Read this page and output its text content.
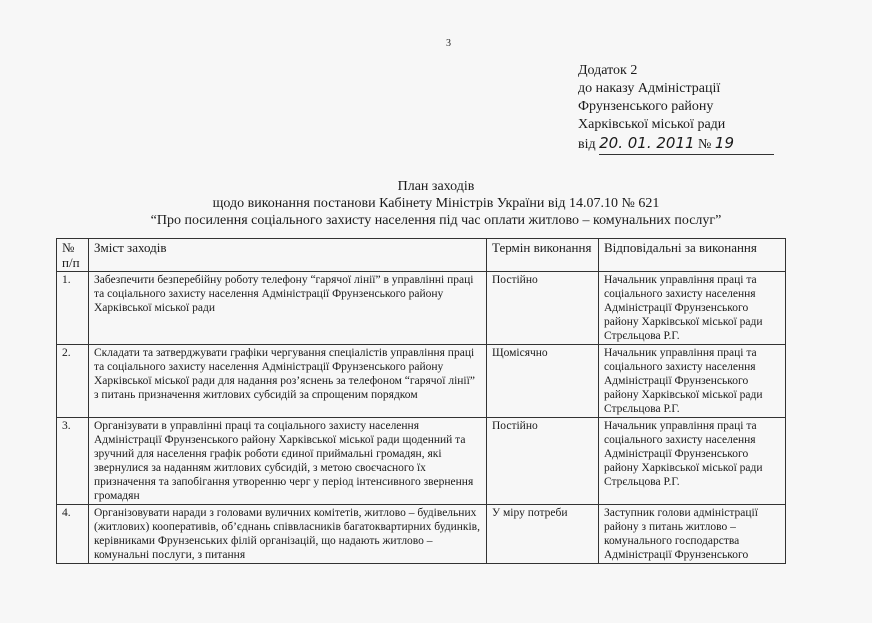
3
Додаток 2
до наказу Адміністрації
Фрунзенського району
Харківської міської ради
від 20. 01. 2011 № 19
План заходів
щодо виконання постанови Кабінету Міністрів України від 14.07.10 № 621
“Про посилення соціального захисту населення під час оплати житлово – комунальних послуг”
№ п/п	Зміст заходів	Термін виконання	Відповідальні за виконання
1.	Забезпечити безперебійну роботу телефону “гарячої лінії” в управлінні праці та соціального захисту населення Адміністрації Фрунзенського району Харківської міської ради	Постійно	Начальник управління праці та соціального захисту населення Адміністрації Фрунзенського району Харківської міської ради Стрєльцова Р.Г.
2.	Складати та затверджувати графіки чергування спеціалістів управління праці та соціального захисту населення Адміністрації Фрунзенського району Харківської міської ради для надання роз’яснень за телефоном “гарячої лінії” з питань призначення житлових субсидій за спрощеним порядком	Щомісячно	Начальник управління праці та соціального захисту населення Адміністрації Фрунзенського району Харківської міської ради Стрєльцова Р.Г.
3.	Організувати в управлінні праці та соціального захисту населення Адміністрації Фрунзенського району Харківської міської ради щоденний та зручний для населення графік роботи єдиної приймальні громадян, які звернулися за наданням житлових субсидій, з метою своєчасного їх призначення та запобігання утворенню черг у період інтенсивного звернення громадян	Постійно	Начальник управління праці та соціального захисту населення Адміністрації Фрунзенського району Харківської міської ради Стрєльцова Р.Г.
4.	Організовувати наради з головами вуличних комітетів, житлово – будівельних (житлових) кооперативів, об’єднань співвласників багатоквартирних будинків, керівниками Фрунзенських філій організацій, що надають житлово – комунальні послуги, з питання	У міру потреби	Заступник голови адміністрації району з питань житлово – комунального господарства Адміністрації Фрунзенського
